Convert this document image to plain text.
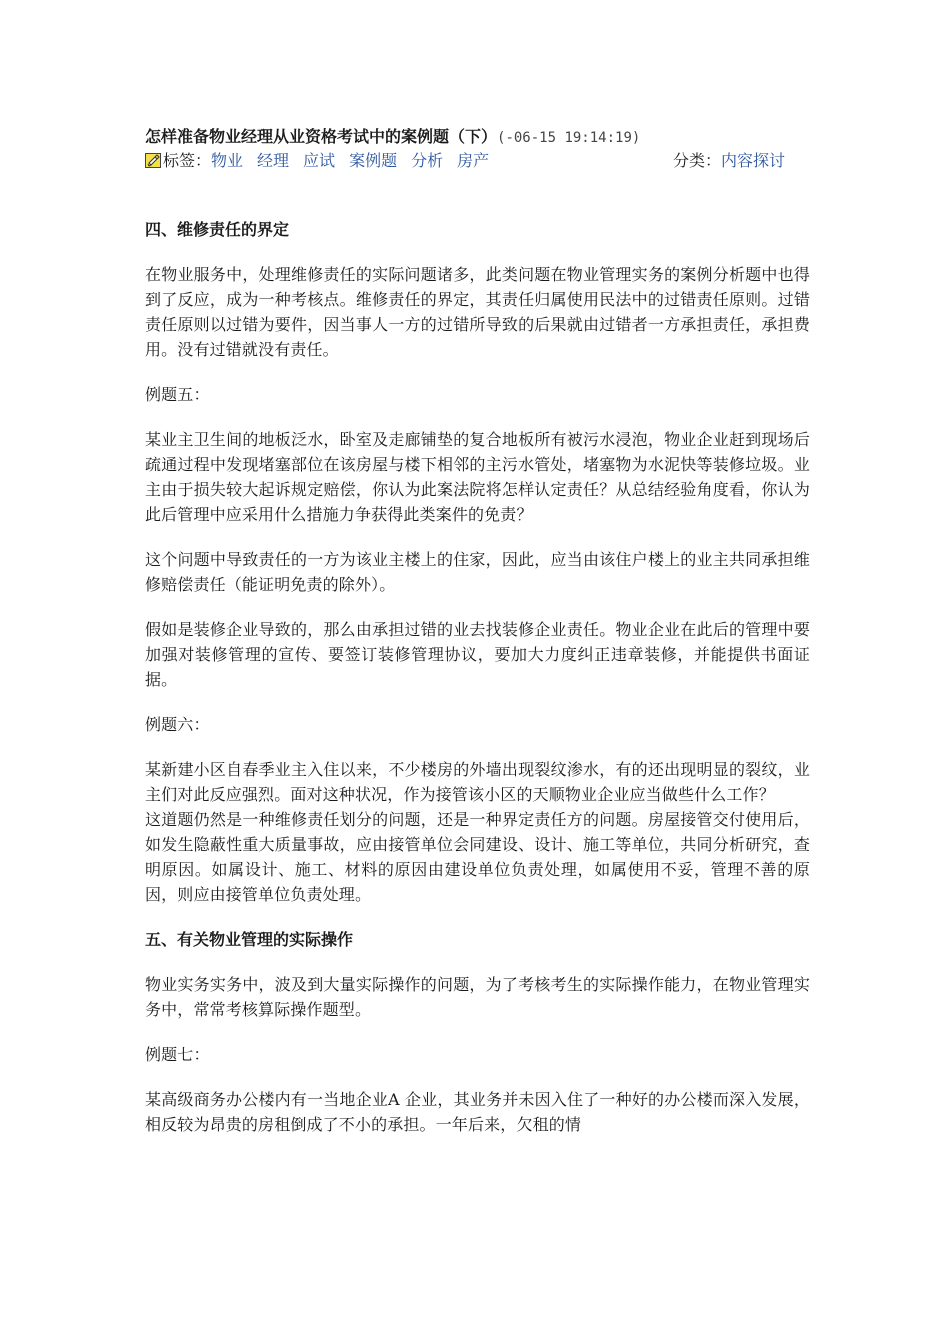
怎样准备物业经理从业资格考试中的案例题（下）(-06-15 19:14:19)
标签：物业 经理 应试 案例题 分析 房产	分类：内容探讨
四、维修责任的界定

在物业服务中，处理维修责任的实际问题诸多，此类问题在物业管理实务的案例分析题中也得到了反应，成为一种考核点。维修责任的界定，其责任归属使用民法中的过错责任原则。过错责任原则以过错为要件，因当事人一方的过错所导致的后果就由过错者一方承担责任，承担费用。没有过错就没有责任。

例题五：

某业主卫生间的地板泛水，卧室及走廊铺垫的复合地板所有被污水浸泡，物业企业赶到现场后疏通过程中发现堵塞部位在该房屋与楼下相邻的主污水管处，堵塞物为水泥快等装修垃圾。业主由于损失较大起诉规定赔偿，你认为此案法院将怎样认定责任？从总结经验角度看，你认为此后管理中应采用什么措施力争获得此类案件的免责？

这个问题中导致责任的一方为该业主楼上的住家，因此，应当由该住户楼上的业主共同承担维修赔偿责任（能证明免责的除外）。

假如是装修企业导致的，那么由承担过错的业去找装修企业责任。物业企业在此后的管理中要加强对装修管理的宣传、要签订装修管理协议，要加大力度纠正违章装修，并能提供书面证据。

例题六：

某新建小区自春季业主入住以来，不少楼房的外墙出现裂纹渗水，有的还出现明显的裂纹，业主们对此反应强烈。面对这种状况，作为接管该小区的天顺物业企业应当做些什么工作？

这道题仍然是一种维修责任划分的问题，还是一种界定责任方的问题。房屋接管交付使用后，如发生隐蔽性重大质量事故，应由接管单位会同建设、设计、施工等单位，共同分析研究，查明原因。如属设计、施工、材料的原因由建设单位负责处理，如属使用不妥，管理不善的原因，则应由接管单位负责处理。

五、有关物业管理的实际操作

物业实务实务中，波及到大量实际操作的问题，为了考核考生的实际操作能力，在物业管理实务中，常常考核算际操作题型。

例题七：

某高级商务办公楼内有一当地企业A 企业，其业务并未因入住了一种好的办公楼而深入发展，相反较为昂贵的房租倒成了不小的承担。一年后来，欠租的情
